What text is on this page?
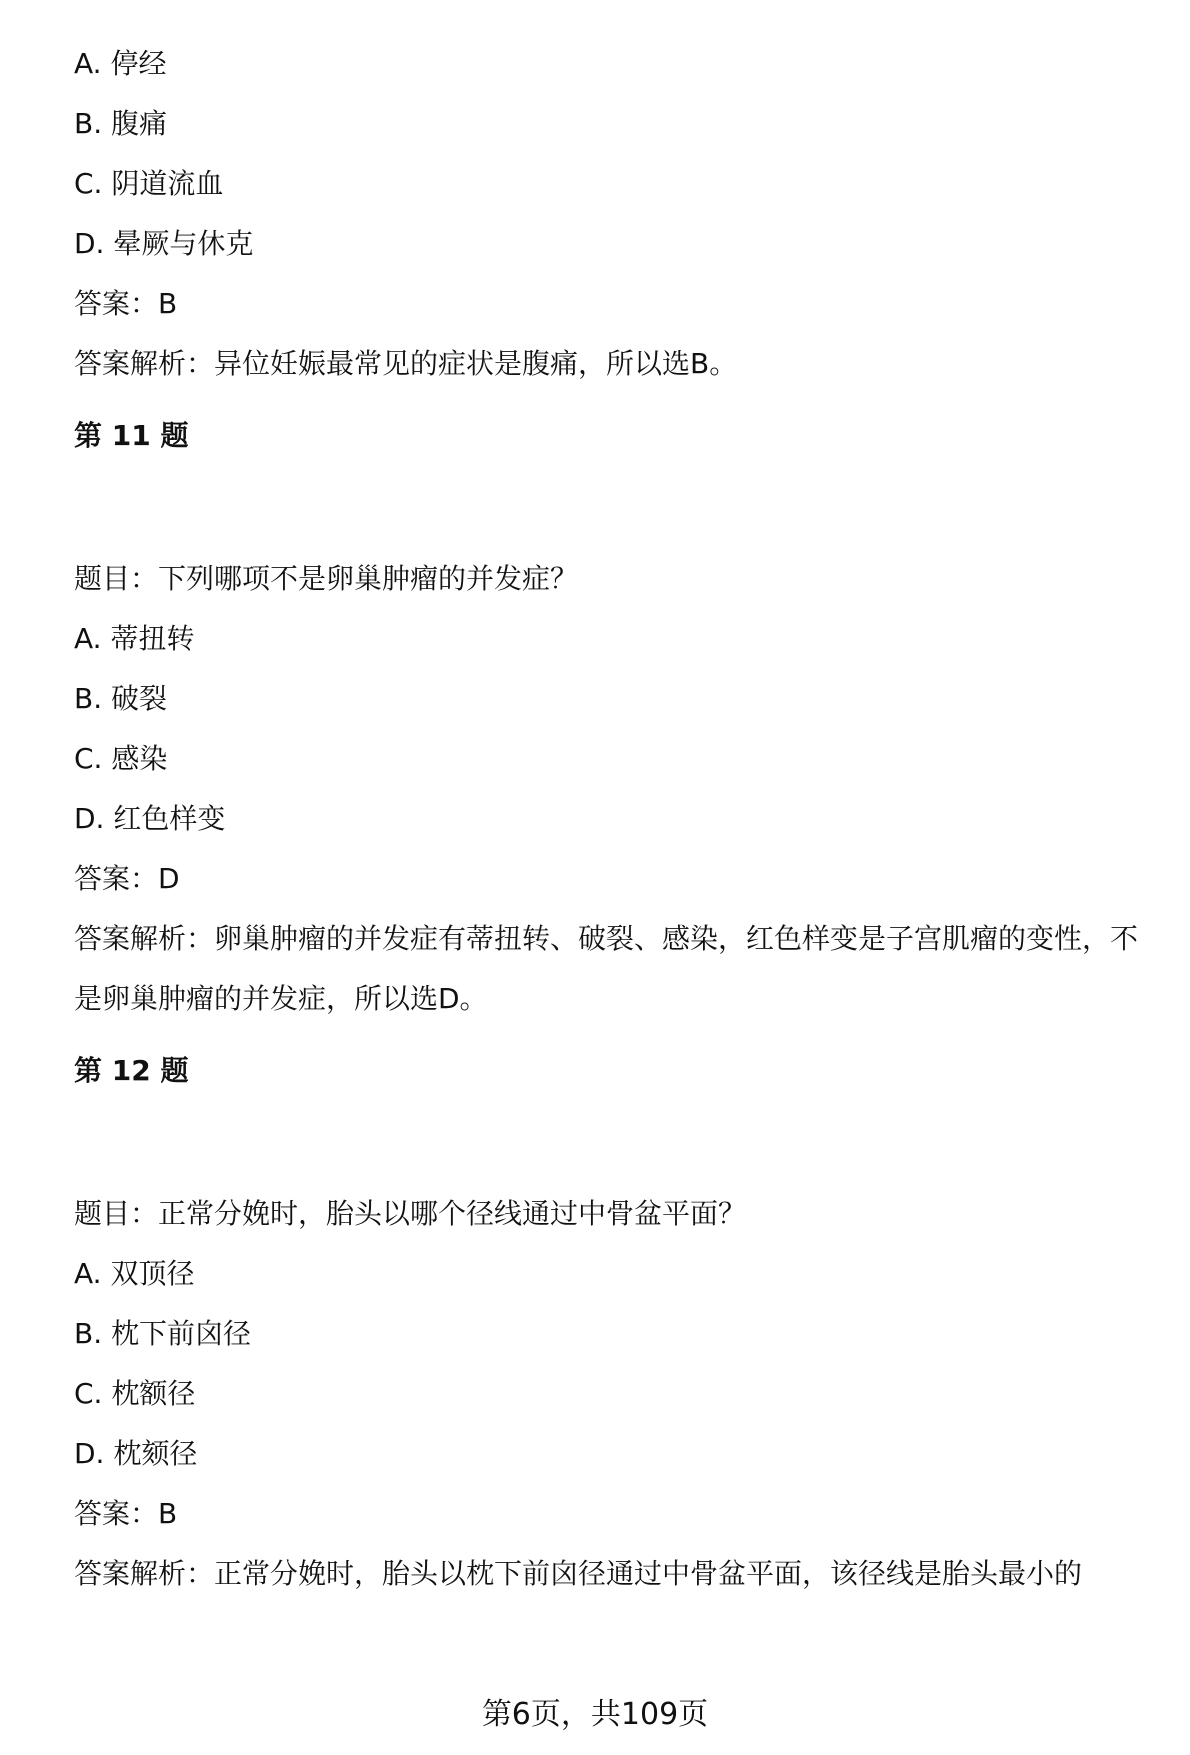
A. 停经
B. 腹痛
C. 阴道流血
D. 晕厥与休克
答案：B
答案解析：异位妊娠最常见的症状是腹痛，所以选B。
第 11 题
题目：下列哪项不是卵巢肿瘤的并发症？
A. 蒂扭转
B. 破裂
C. 感染
D. 红色样变
答案：D
答案解析：卵巢肿瘤的并发症有蒂扭转、破裂、感染，红色样变是子宫肌瘤的变性，不是卵巢肿瘤的并发症，所以选D。
第 12 题
题目：正常分娩时，胎头以哪个径线通过中骨盆平面？
A. 双顶径
B. 枕下前囟径
C. 枕额径
D. 枕颏径
答案：B
答案解析：正常分娩时，胎头以枕下前囟径通过中骨盆平面，该径线是胎头最小的
第6页，共109页
